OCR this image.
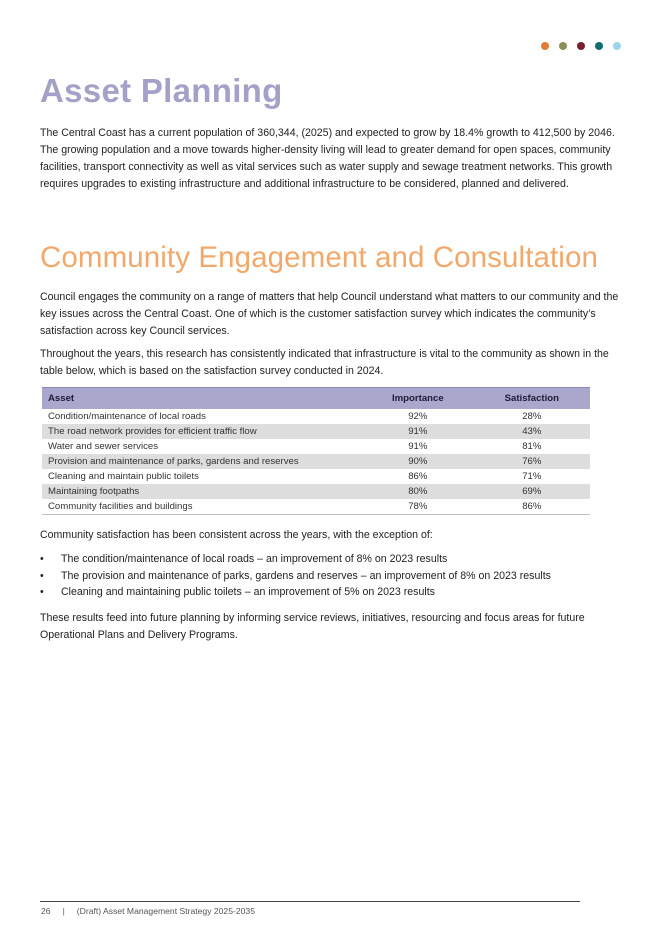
Asset Planning

The Central Coast has a current population of 360,344, (2025) and expected to grow by 18.4% growth to 412,500 by 2046. The growing population and a move towards higher-density living will lead to greater demand for open spaces, community facilities, transport connectivity as well as vital services such as water supply and sewage treatment networks. This growth requires upgrades to existing infrastructure and additional infrastructure to be considered, planned and delivered.

Community Engagement and Consultation

Council engages the community on a range of matters that help Council understand what matters to our community and the key issues across the Central Coast. One of which is the customer satisfaction survey which indicates the community’s satisfaction across key Council services.

Throughout the years, this research has consistently indicated that infrastructure is vital to the community as shown in the table below, which is based on the satisfaction survey conducted in 2024.

Asset	Importance	Satisfaction
Condition/maintenance of local roads	92%	28%
The road network provides for efficient traffic flow	91%	43%
Water and sewer services	91%	81%
Provision and maintenance of parks, gardens and reserves	90%	76%
Cleaning and maintain public toilets	86%	71%
Maintaining footpaths	80%	69%
Community facilities and buildings	78%	86%

Community satisfaction has been consistent across the years, with the exception of:

• The condition/maintenance of local roads – an improvement of 8% on 2023 results
• The provision and maintenance of parks, gardens and reserves – an improvement of 8% on 2023 results
• Cleaning and maintaining public toilets – an improvement of 5% on 2023 results

These results feed into future planning by informing service reviews, initiatives, resourcing and focus areas for future Operational Plans and Delivery Programs.

26 | (Draft) Asset Management Strategy 2025-2035
